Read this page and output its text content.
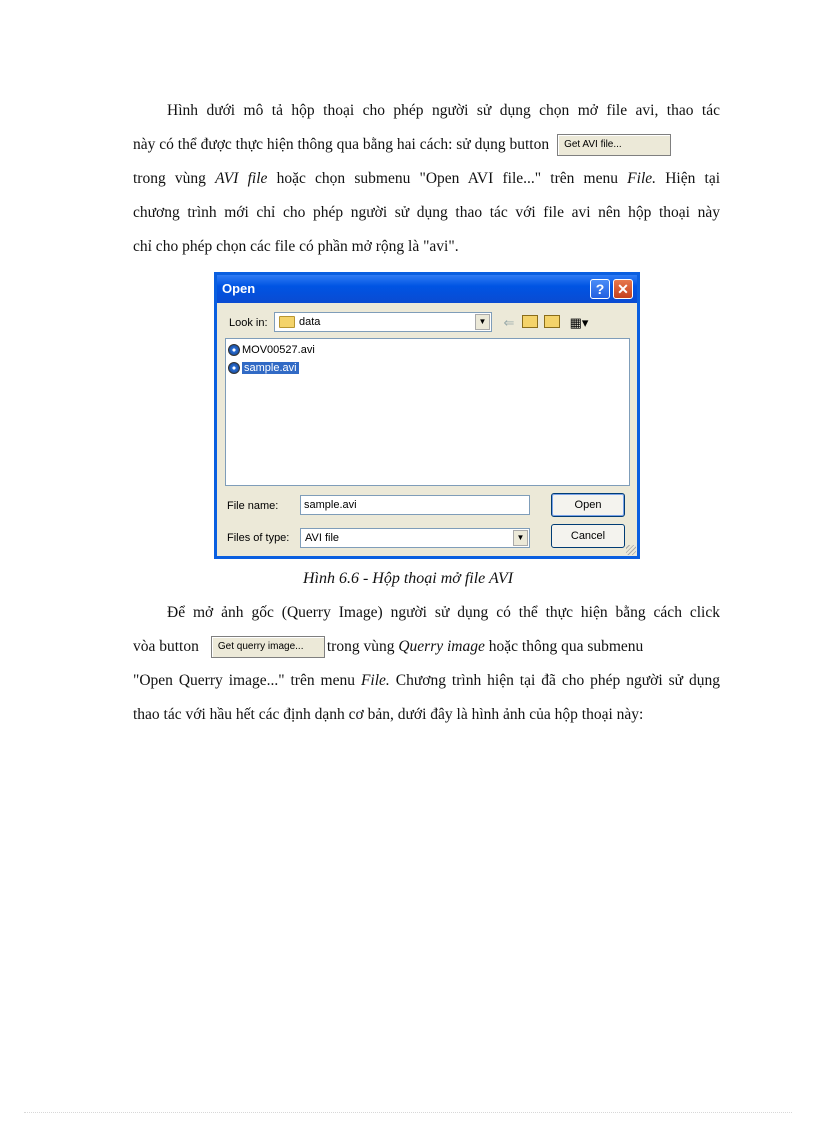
Hình dưới mô tả hộp thoại cho phép người sử dụng chọn mở file avi, thao tác
này có thể được thực hiện thông qua bằng hai cách: sử dụng button Get AVI file...
trong vùng AVI file hoặc chọn submenu "Open AVI file..." trên menu File. Hiện tại
chương trình mới chỉ cho phép người sử dụng thao tác với file avi nên hộp thoại này
chỉ cho phép chọn các file có phần mở rộng là "avi".
Open	? ✕
Look in:	data	▼ ⇐	▦▾
MOV00527.avi
sample.avi
File name:	sample.avi
Files of type:	AVI file	▼
Open
Cancel
Hình 6.6 - Hộp thoại mở file AVI
Để mở ảnh gốc (Querry Image) người sử dụng có thể thực hiện bằng cách click
vòa button Get querry image... trong vùng Querry image hoặc thông qua submenu
"Open Querry image..." trên menu File. Chương trình hiện tại đã cho phép người sử dụng
thao tác với hầu hết các định dạnh cơ bản, dưới đây là hình ảnh của hộp thoại này:
